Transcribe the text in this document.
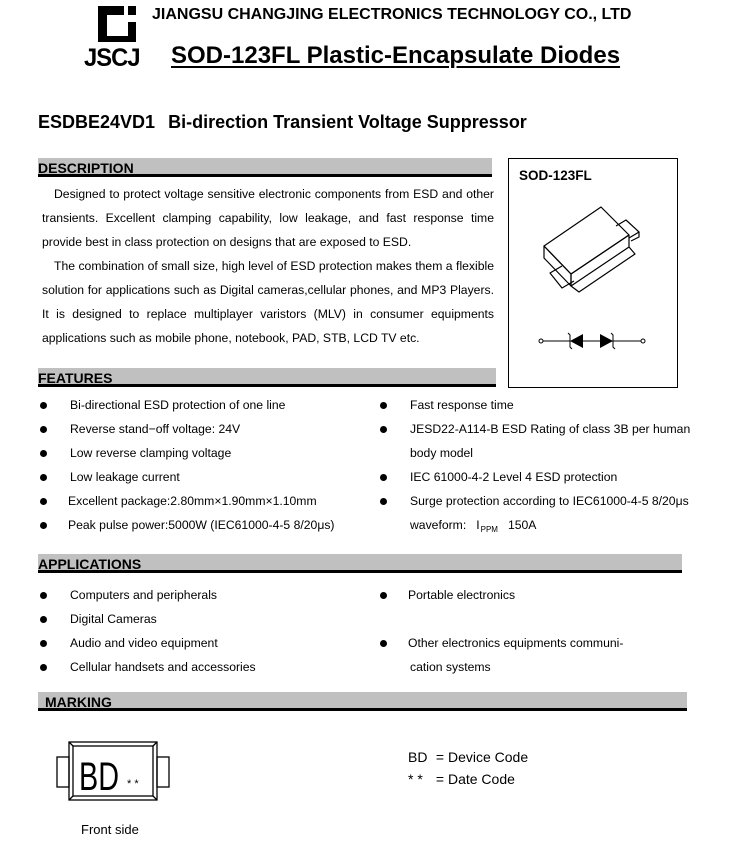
JSCJ
JIANGSU CHANGJING ELECTRONICS TECHNOLOGY CO., LTD
SOD-123FL Plastic-Encapsulate Diodes
ESDBE24VD1 Bi-direction Transient Voltage Suppressor
DESCRIPTION
Designed to protect voltage sensitive electronic components from ESD and other transients. Excellent clamping capability, low leakage, and fast response time provide best in class protection on designs that are exposed to ESD.
The combination of small size, high level of ESD protection makes them a flexible solution for applications such as Digital cameras,cellular phones, and MP3 Players. It is designed to replace multiplayer varistors (MLV) in consumer equipments applications such as mobile phone, notebook, PAD, STB, LCD TV etc.
SOD-123FL
FEATURES
Bi-directional ESD protection of one line
Reverse stand−off voltage: 24V
Low reverse clamping voltage
Low leakage current
Excellent package:2.80mm×1.90mm×1.10mm
Peak pulse power:5000W (IEC61000-4-5 8/20μs)
Fast response time
JESD22-A114-B ESD Rating of class 3B per human
body model
IEC 61000-4-2 Level 4 ESD protection
Surge protection according to IEC61000-4-5 8/20μs
waveform: $I_{PPM}$ 150A
APPLICATIONS
Computers and peripherals
Digital Cameras
Audio and video equipment
Cellular handsets and accessories
Portable electronics
Other electronics equipments communi-
cation systems
MARKING
BD * *
Front side
BD = Device Code
* * = Date Code
